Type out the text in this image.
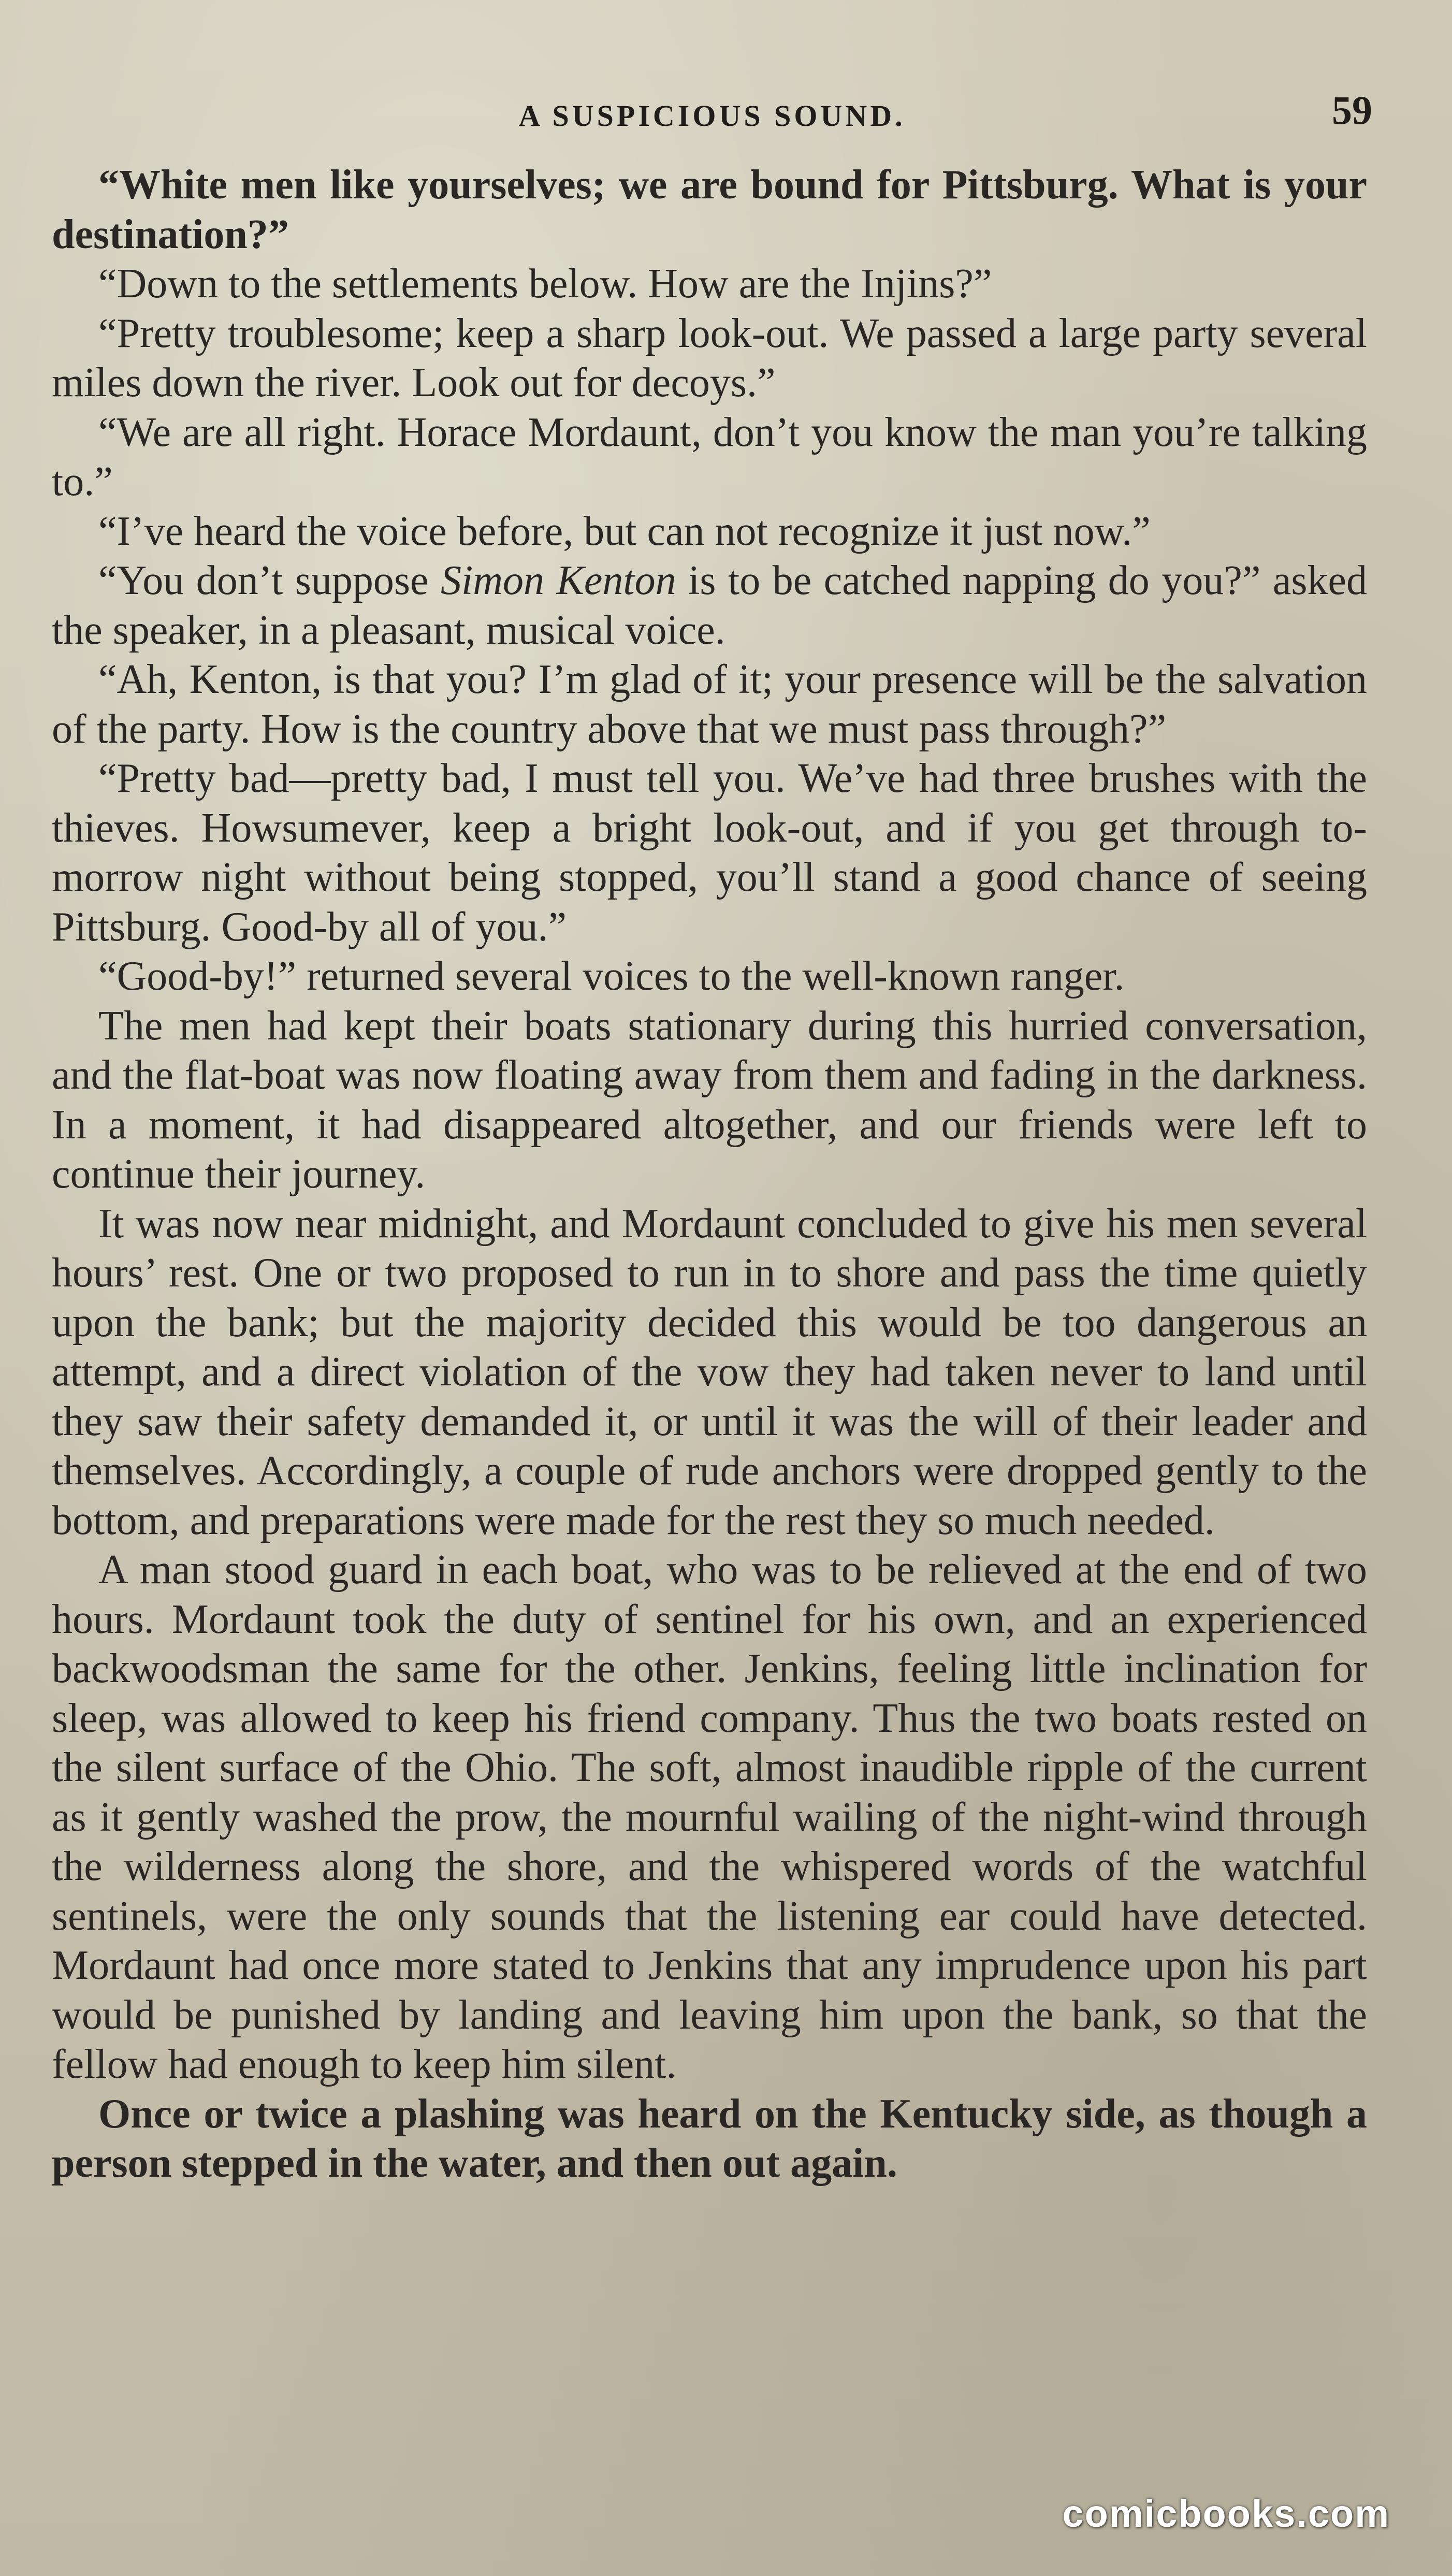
A SUSPICIOUS SOUND.	59

“White men like yourselves; we are bound for Pittsburg. What is your destination?”

“Down to the settlements below. How are the Injins?”

“Pretty troublesome; keep a sharp look-out. We passed a large party several miles down the river. Look out for decoys.”

“We are all right. Horace Mordaunt, don’t you know the man you’re talking to.”

“I’ve heard the voice before, but can not recognize it just now.”

“You don’t suppose Simon Kenton is to be catched napping do you?” asked the speaker, in a pleasant, musical voice.

“Ah, Kenton, is that you? I’m glad of it; your presence will be the salvation of the party. How is the country above that we must pass through?”

“Pretty bad—pretty bad, I must tell you. We’ve had three brushes with the thieves. Howsumever, keep a bright look-out, and if you get through to-morrow night without being stopped, you’ll stand a good chance of seeing Pittsburg. Good-by all of you.”

“Good-by!” returned several voices to the well-known ranger.

The men had kept their boats stationary during this hurried conversation, and the flat-boat was now floating away from them and fading in the darkness. In a moment, it had disappeared altogether, and our friends were left to continue their journey.

It was now near midnight, and Mordaunt concluded to give his men several hours’ rest. One or two proposed to run in to shore and pass the time quietly upon the bank; but the majority decided this would be too dangerous an attempt, and a direct violation of the vow they had taken never to land until they saw their safety demanded it, or until it was the will of their leader and themselves. Accordingly, a couple of rude anchors were dropped gently to the bottom, and preparations were made for the rest they so much needed.

A man stood guard in each boat, who was to be relieved at the end of two hours. Mordaunt took the duty of sentinel for his own, and an experienced backwoodsman the same for the other. Jenkins, feeling little inclination for sleep, was allowed to keep his friend company. Thus the two boats rested on the silent surface of the Ohio. The soft, almost inaudible ripple of the current as it gently washed the prow, the mournful wailing of the night-wind through the wilderness along the shore, and the whispered words of the watchful sentinels, were the only sounds that the listening ear could have detected. Mordaunt had once more stated to Jenkins that any imprudence upon his part would be punished by landing and leaving him upon the bank, so that the fellow had enough to keep him silent.

Once or twice a plashing was heard on the Kentucky side, as though a person stepped in the water, and then out again.

comicbooks.com
